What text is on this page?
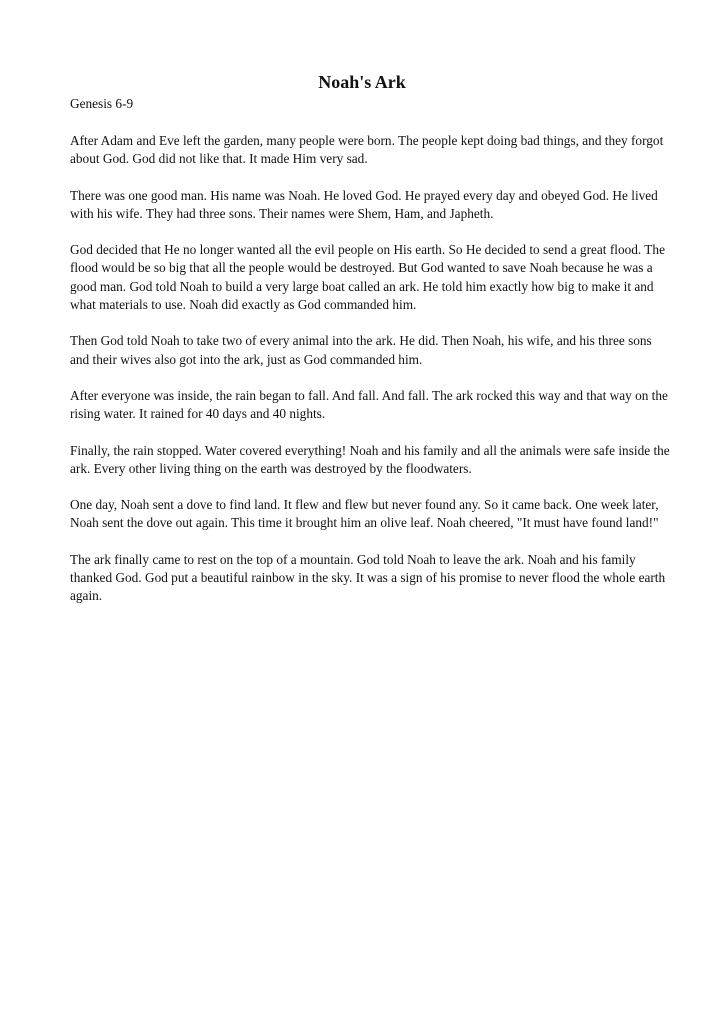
Noah's Ark

Genesis 6-9

After Adam and Eve left the garden, many people were born. The people kept doing bad things, and they forgot about God. God did not like that. It made Him very sad.

There was one good man. His name was Noah. He loved God. He prayed every day and obeyed God. He lived with his wife. They had three sons. Their names were Shem, Ham, and Japheth.

God decided that He no longer wanted all the evil people on His earth. So He decided to send a great flood. The flood would be so big that all the people would be destroyed. But God wanted to save Noah because he was a good man. God told Noah to build a very large boat called an ark. He told him exactly how big to make it and what materials to use. Noah did exactly as God commanded him.

Then God told Noah to take two of every animal into the ark. He did. Then Noah, his wife, and his three sons and their wives also got into the ark, just as God commanded him.

After everyone was inside, the rain began to fall. And fall. And fall. The ark rocked this way and that way on the rising water. It rained for 40 days and 40 nights.

Finally, the rain stopped. Water covered everything! Noah and his family and all the animals were safe inside the ark. Every other living thing on the earth was destroyed by the floodwaters.

One day, Noah sent a dove to find land. It flew and flew but never found any. So it came back. One week later, Noah sent the dove out again. This time it brought him an olive leaf. Noah cheered, "It must have found land!"

The ark finally came to rest on the top of a mountain. God told Noah to leave the ark. Noah and his family thanked God. God put a beautiful rainbow in the sky. It was a sign of his promise to never flood the whole earth again.
